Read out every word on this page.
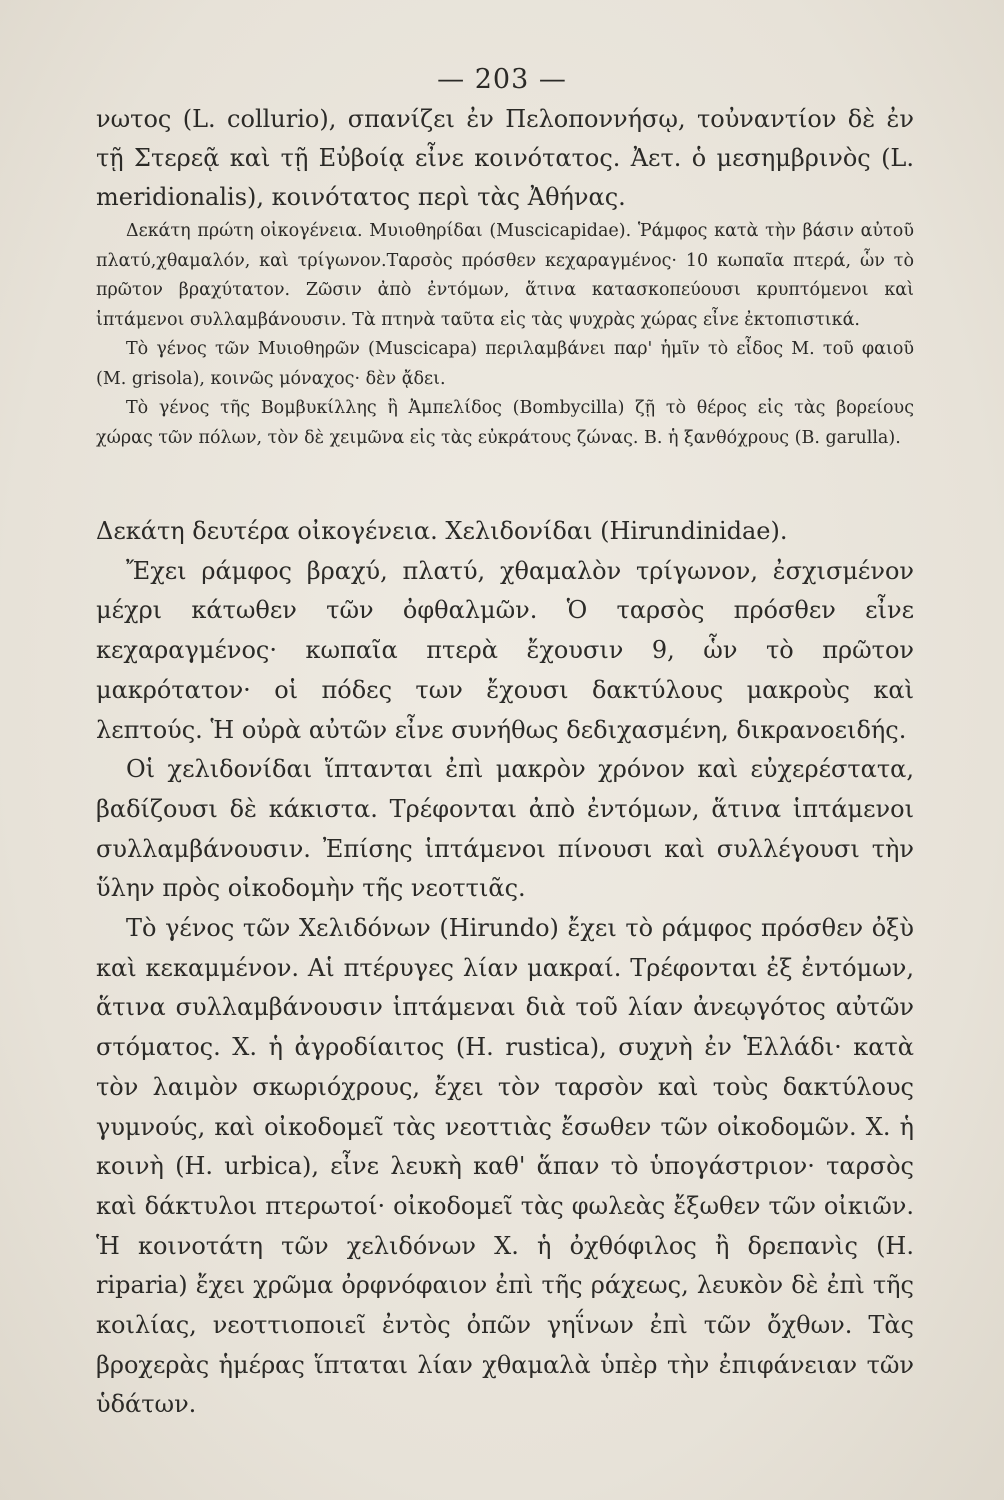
— 203 —

νωτος (L. collurio), σπανίζει ἐν Πελοποννήσῳ, τοὐναντίον δὲ ἐν τῇ Στερεᾷ καὶ τῇ Εὐβοίᾳ εἶνε κοινότατος. Ἀετ. ὁ μεσημβρινὸς (L. meridionalis), κοινότατος περὶ τὰς Ἀθήνας.

Δεκάτη πρώτη οἰκογένεια. Μυιοθηρίδαι (Muscicapidae). Ῥάμφος κατὰ τὴν βάσιν αὐτοῦ πλατύ,χθαμαλόν, καὶ τρίγωνον.Ταρσὸς πρόσθεν κεχαραγμένος· 10 κωπαῖα πτερά, ὧν τὸ πρῶτον βραχύτατον. Ζῶσιν ἀπὸ ἐντόμων, ἅτινα κατασκοπεύουσι κρυπτόμενοι καὶ ἱπτάμενοι συλλαμβάνουσιν. Τὰ πτηνὰ ταῦτα εἰς τὰς ψυχρὰς χώρας εἶνε ἐκτοπιστικά.

Τὸ γένος τῶν Μυιοθηρῶν (Muscicapa) περιλαμβάνει παρ' ἡμῖν τὸ εἶδος Μ. τοῦ φαιοῦ (M. grisola), κοινῶς μόναχος· δὲν ᾄδει.

Τὸ γένος τῆς Βομβυκίλλης ἢ Ἀμπελίδος (Bombycilla) ζῇ τὸ θέρος εἰς τὰς βορείους χώρας τῶν πόλων, τὸν δὲ χειμῶνα εἰς τὰς εὐκράτους ζώνας. Β. ἡ ξανθόχρους (B. garulla).

Δεκάτη δευτέρα οἰκογένεια. Χελιδονίδαι (Hirundinidae).

Ἔχει ράμφος βραχύ, πλατύ, χθαμαλὸν τρίγωνον, ἐσχισμένον μέχρι κάτωθεν τῶν ὀφθαλμῶν. Ὁ ταρσὸς πρόσθεν εἶνε κεχαραγμένος· κωπαῖα πτερὰ ἔχουσιν 9, ὧν τὸ πρῶτον μακρότατον· οἱ πόδες των ἔχουσι δακτύλους μακροὺς καὶ λεπτούς. Ἡ οὐρὰ αὐτῶν εἶνε συνήθως δεδιχασμένη, δικρανοειδής.

Οἱ χελιδονίδαι ἵπτανται ἐπὶ μακρὸν χρόνον καὶ εὐχερέστατα, βαδίζουσι δὲ κάκιστα. Τρέφονται ἀπὸ ἐντόμων, ἅτινα ἱπτάμενοι συλλαμβάνουσιν. Ἐπίσης ἱπτάμενοι πίνουσι καὶ συλλέγουσι τὴν ὕλην πρὸς οἰκοδομὴν τῆς νεοττιᾶς.

Τὸ γένος τῶν Χελιδόνων (Hirundo) ἔχει τὸ ράμφος πρόσθεν ὀξὺ καὶ κεκαμμένον. Αἱ πτέρυγες λίαν μακραί. Τρέφονται ἐξ ἐντόμων, ἅτινα συλλαμβάνουσιν ἱπτάμεναι διὰ τοῦ λίαν ἀνεῳγότος αὐτῶν στόματος. Χ. ἡ ἀγροδίαιτος (H. rustica), συχνὴ ἐν Ἑλλάδι· κατὰ τὸν λαιμὸν σκωριόχρους, ἔχει τὸν ταρσὸν καὶ τοὺς δακτύλους γυμνούς, καὶ οἰκοδομεῖ τὰς νεοττιὰς ἔσωθεν τῶν οἰκοδομῶν. Χ. ἡ κοινὴ (H. urbica), εἶνε λευκὴ καθ' ἅπαν τὸ ὑπογάστριον· ταρσὸς καὶ δάκτυλοι πτερωτοί· οἰκοδομεῖ τὰς φωλεὰς ἔξωθεν τῶν οἰκιῶν. Ἡ κοινοτάτη τῶν χελιδόνων Χ. ἡ ὀχθόφιλος ἢ δρεπανὶς (H. riparia) ἔχει χρῶμα ὀρφνόφαιον ἐπὶ τῆς ράχεως, λευκὸν δὲ ἐπὶ τῆς κοιλίας, νεοττιοποιεῖ ἐντὸς ὀπῶν γηΐνων ἐπὶ τῶν ὄχθων. Τὰς βροχερὰς ἡμέρας ἵπταται λίαν χθαμαλὰ ὑπὲρ τὴν ἐπιφάνειαν τῶν ὑδάτων.
